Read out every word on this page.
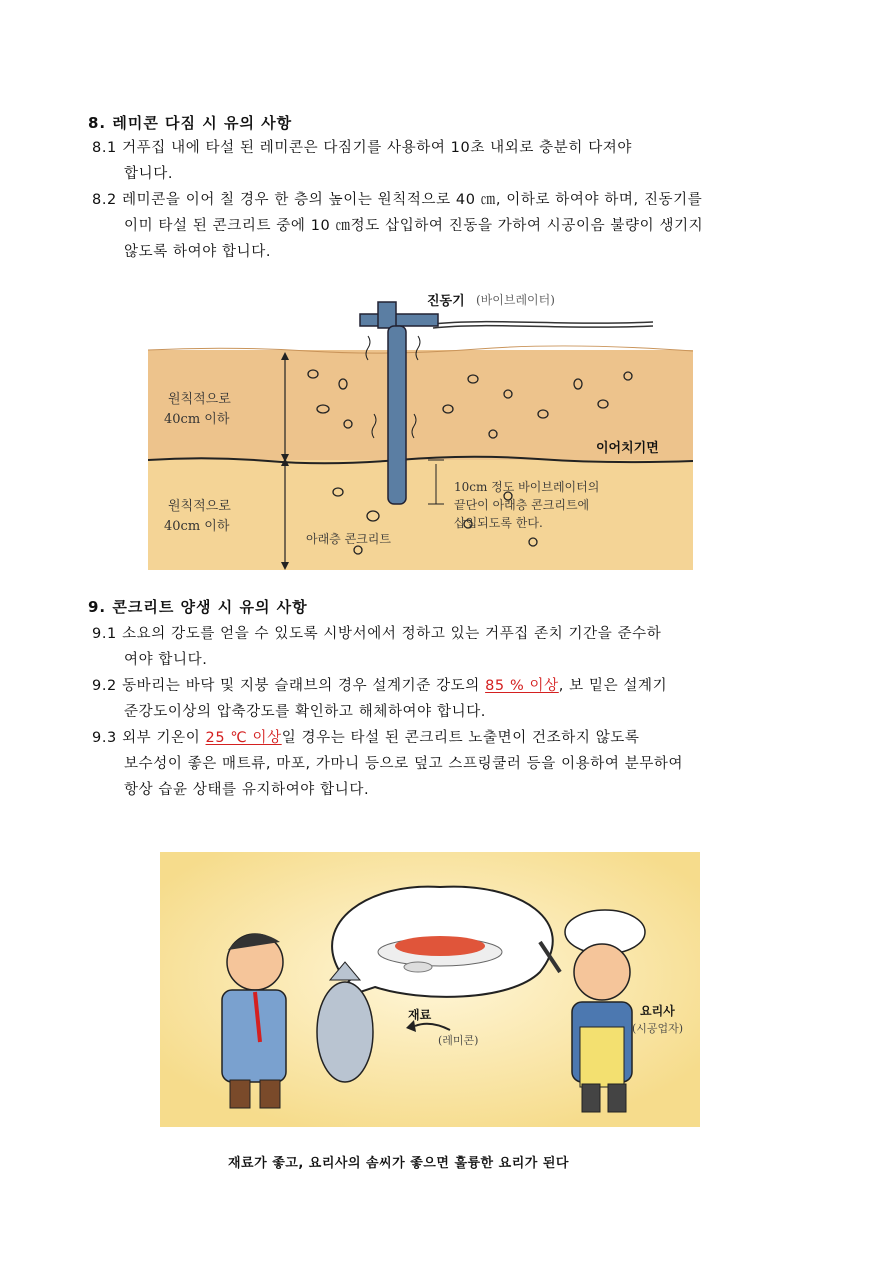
8. 레미콘 다짐 시 유의 사항
8.1 거푸집 내에 타설 된 레미콘은 다짐기를 사용하여 10초 내외로 충분히 다져야
합니다.
8.2 레미콘을 이어 칠 경우 한 층의 높이는 원칙적으로 40 ㎝, 이하로 하여야 하며, 진동기를
이미 타설 된 콘크리트 중에 10 ㎝정도 삽입하여 진동을 가하여 시공이음 불량이 생기지
않도록 하여야 합니다.
진동기 (바이브레이터)
원칙적으로
40cm 이하
원칙적으로
40cm 이하
이어치기면
10cm 정도 바이브레이터의
끝단이 아래층 콘크리트에
삽입되도록 한다.
아래층 콘크리트
9. 콘크리트 양생 시 유의 사항
9.1 소요의 강도를 얻을 수 있도록 시방서에서 정하고 있는 거푸집 존치 기간을 준수하
여야 합니다.
9.2 동바리는 바닥 및 지붕 슬래브의 경우 설계기준 강도의 85 % 이상, 보 밑은 설계기
준강도이상의 압축강도를 확인하고 해체하여야 합니다.
9.3 외부 기온이 25 ℃ 이상일 경우는 타설 된 콘크리트 노출면이 건조하지 않도록
보수성이 좋은 매트류, 마포, 가마니 등으로 덮고 스프링쿨러 등을 이용하여 분무하여
항상 습윤 상태를 유지하여야 합니다.
재료
(레미콘)
요리사
(시공업자)
재료가 좋고, 요리사의 솜씨가 좋으면 훌륭한 요리가 된다
